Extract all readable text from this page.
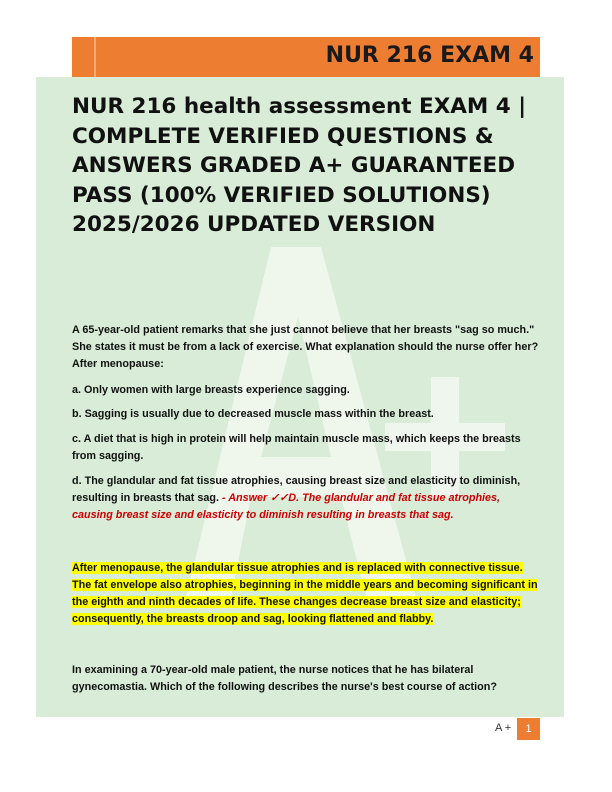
NUR 216 EXAM 4
NUR 216 health assessment EXAM 4 | COMPLETE VERIFIED QUESTIONS & ANSWERS GRADED A+ GUARANTEED PASS (100% VERIFIED SOLUTIONS) 2025/2026 UPDATED VERSION
A 65-year-old patient remarks that she just cannot believe that her breasts "sag so much." She states it must be from a lack of exercise. What explanation should the nurse offer her? After menopause:
a. Only women with large breasts experience sagging.
b. Sagging is usually due to decreased muscle mass within the breast.
c. A diet that is high in protein will help maintain muscle mass, which keeps the breasts from sagging.
d. The glandular and fat tissue atrophies, causing breast size and elasticity to diminish, resulting in breasts that sag. - Answer ✓✓D. The glandular and fat tissue atrophies, causing breast size and elasticity to diminish resulting in breasts that sag.
After menopause, the glandular tissue atrophies and is replaced with connective tissue. The fat envelope also atrophies, beginning in the middle years and becoming significant in the eighth and ninth decades of life. These changes decrease breast size and elasticity; consequently, the breasts droop and sag, looking flattened and flabby.
In examining a 70-year-old male patient, the nurse notices that he has bilateral gynecomastia. Which of the following describes the nurse's best course of action?
A +	1
